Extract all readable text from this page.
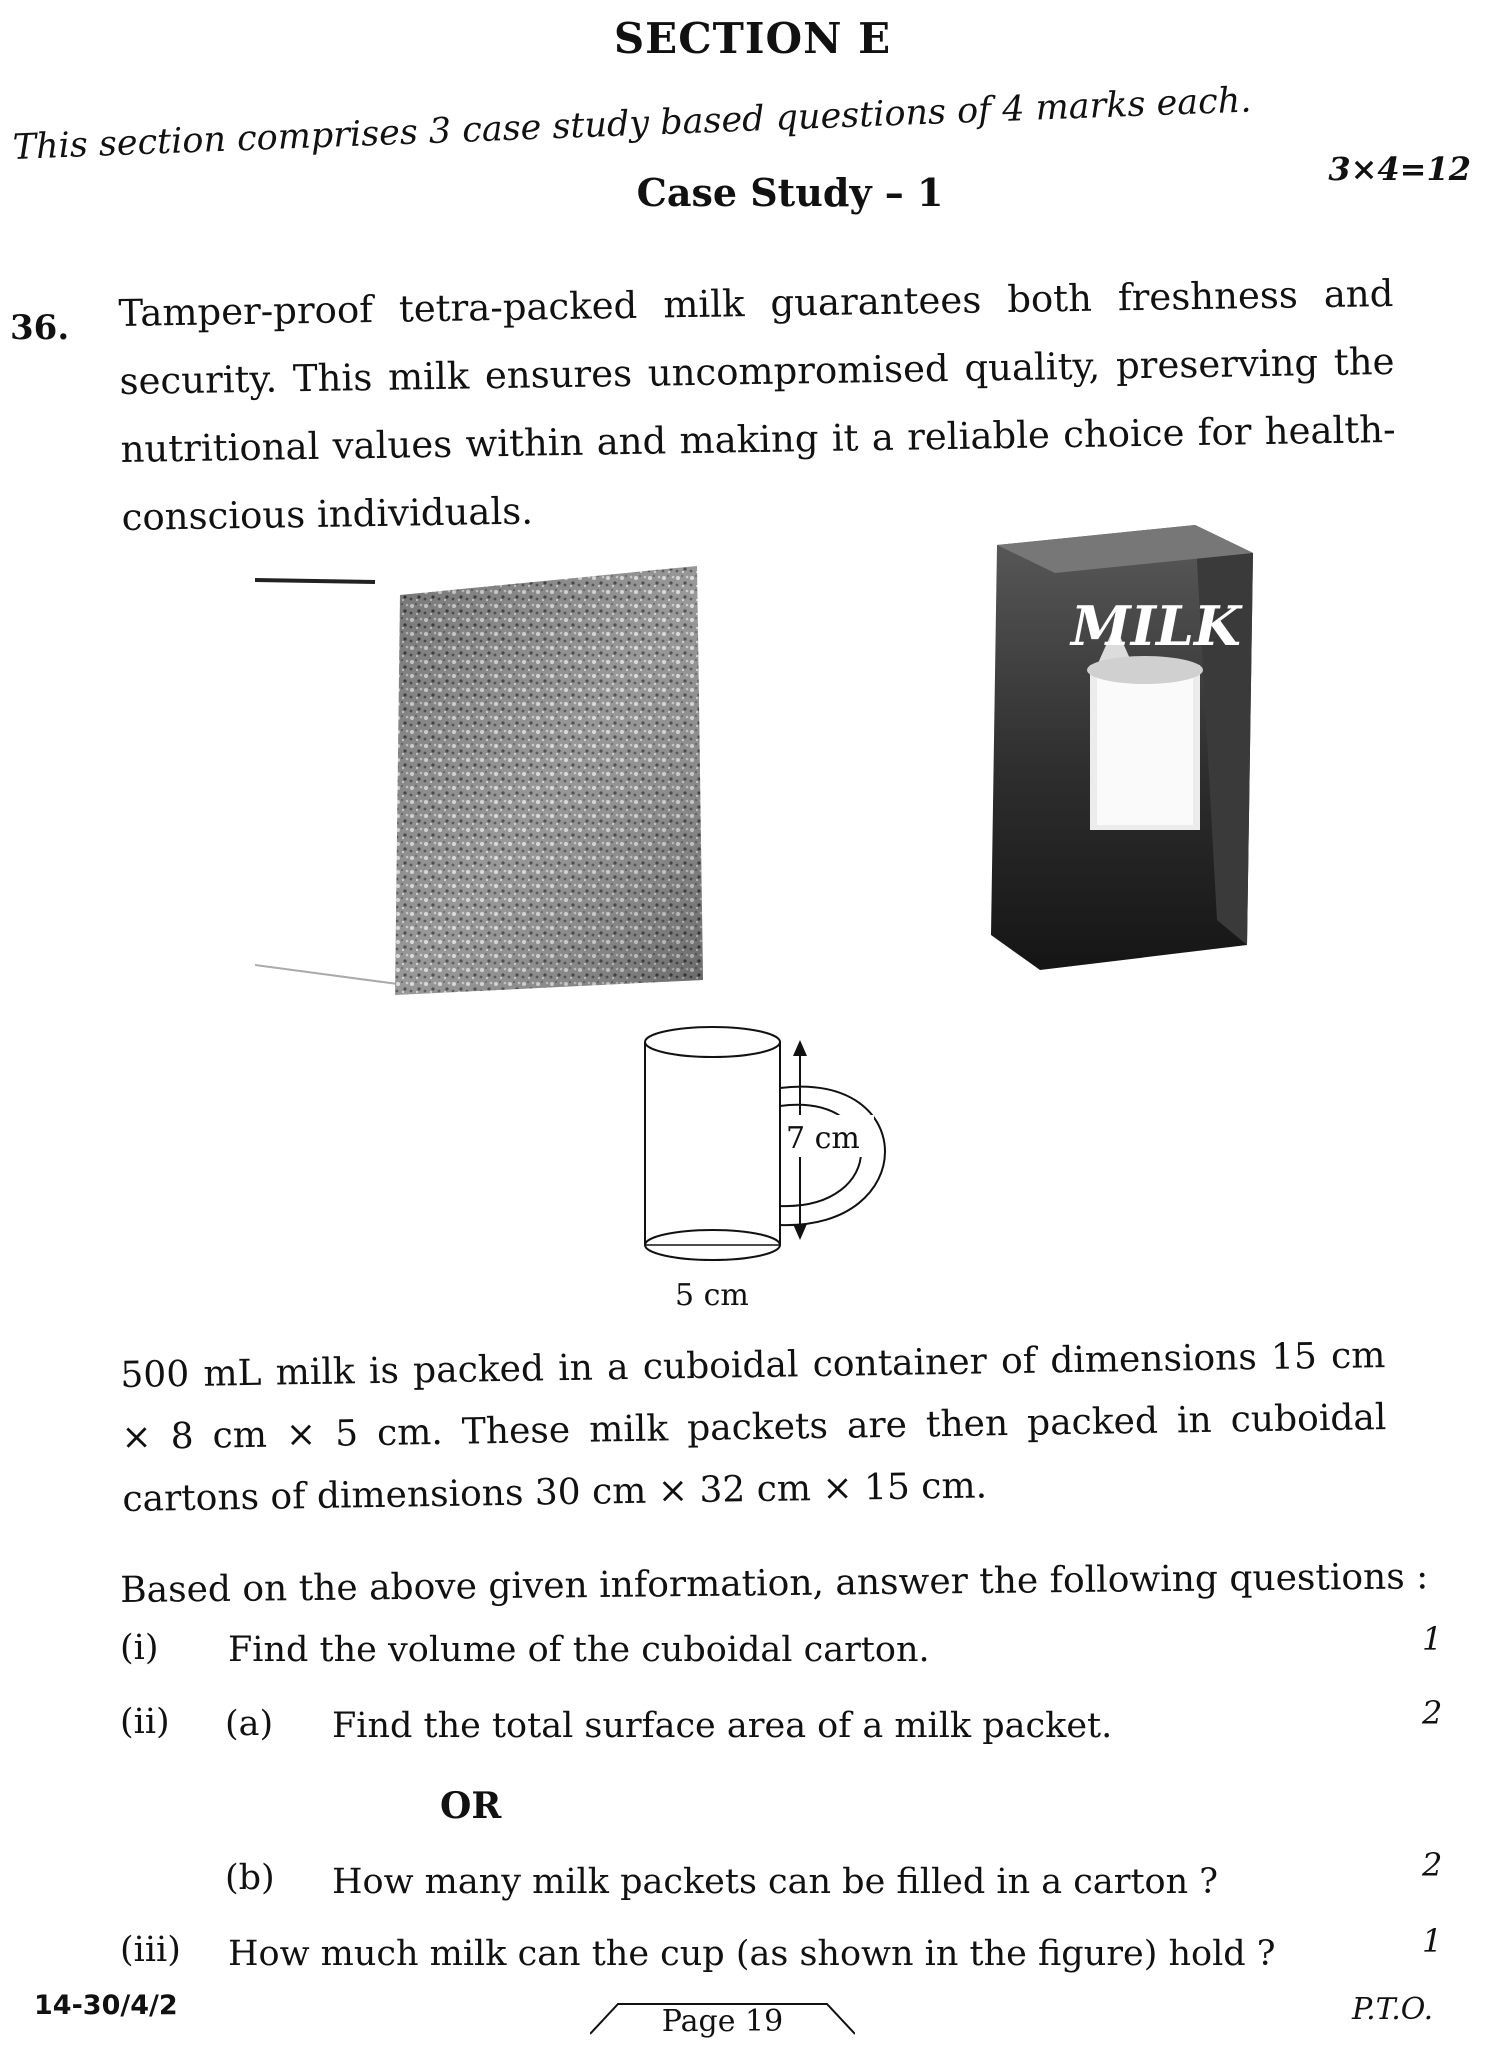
SECTION E
This section comprises 3 case study based questions of 4 marks each.
3×4=12
Case Study – 1
36. Tamper-proof tetra-packed milk guarantees both freshness and security. This milk ensures uncompromised quality, preserving the nutritional values within and making it a reliable choice for health-conscious individuals.
MILK
7 cm
5 cm
500 mL milk is packed in a cuboidal container of dimensions 15 cm × 8 cm × 5 cm. These milk packets are then packed in cuboidal cartons of dimensions 30 cm × 32 cm × 15 cm.
Based on the above given information, answer the following questions :
(i) Find the volume of the cuboidal carton.	1
(ii) (a) Find the total surface area of a milk packet.	2
OR
(b) How many milk packets can be filled in a carton ?	2
(iii) How much milk can the cup (as shown in the figure) hold ?	1
14-30/4/2	Page 19	P.T.O.
